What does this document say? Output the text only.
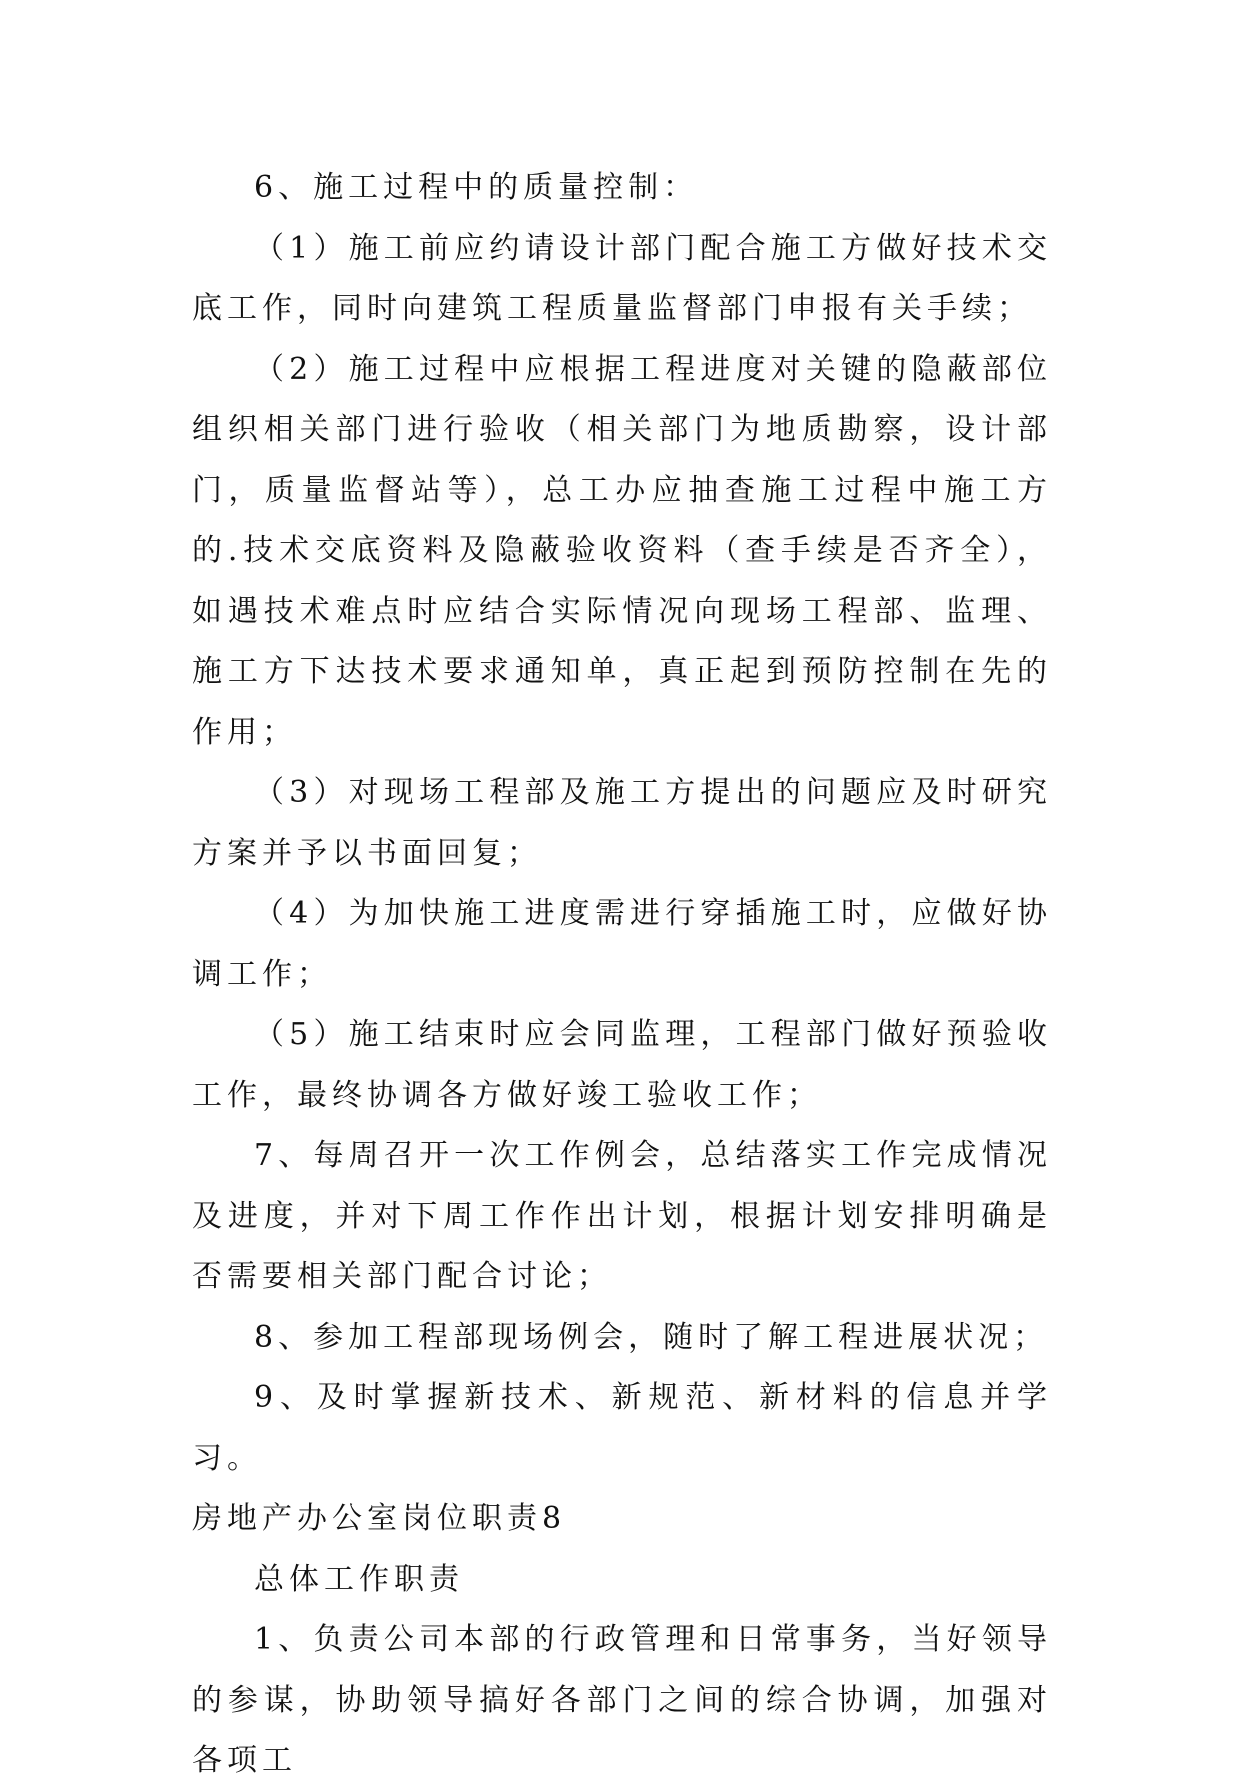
6、施工过程中的质量控制：

（1）施工前应约请设计部门配合施工方做好技术交底工作，同时向建筑工程质量监督部门申报有关手续；

（2）施工过程中应根据工程进度对关键的隐蔽部位组织相关部门进行验收（相关部门为地质勘察，设计部门，质量监督站等），总工办应抽查施工过程中施工方的.技术交底资料及隐蔽验收资料（查手续是否齐全），如遇技术难点时应结合实际情况向现场工程部、监理、施工方下达技术要求通知单，真正起到预防控制在先的作用；

（3）对现场工程部及施工方提出的问题应及时研究方案并予以书面回复；

（4）为加快施工进度需进行穿插施工时，应做好协调工作；

（5）施工结束时应会同监理，工程部门做好预验收工作，最终协调各方做好竣工验收工作；

7、每周召开一次工作例会，总结落实工作完成情况及进度，并对下周工作作出计划，根据计划安排明确是否需要相关部门配合讨论；

8、参加工程部现场例会，随时了解工程进展状况；

9、及时掌握新技术、新规范、新材料的信息并学习。

房地产办公室岗位职责8

总体工作职责

1、负责公司本部的行政管理和日常事务，当好领导的参谋，协助领导搞好各部门之间的综合协调，加强对各项工
